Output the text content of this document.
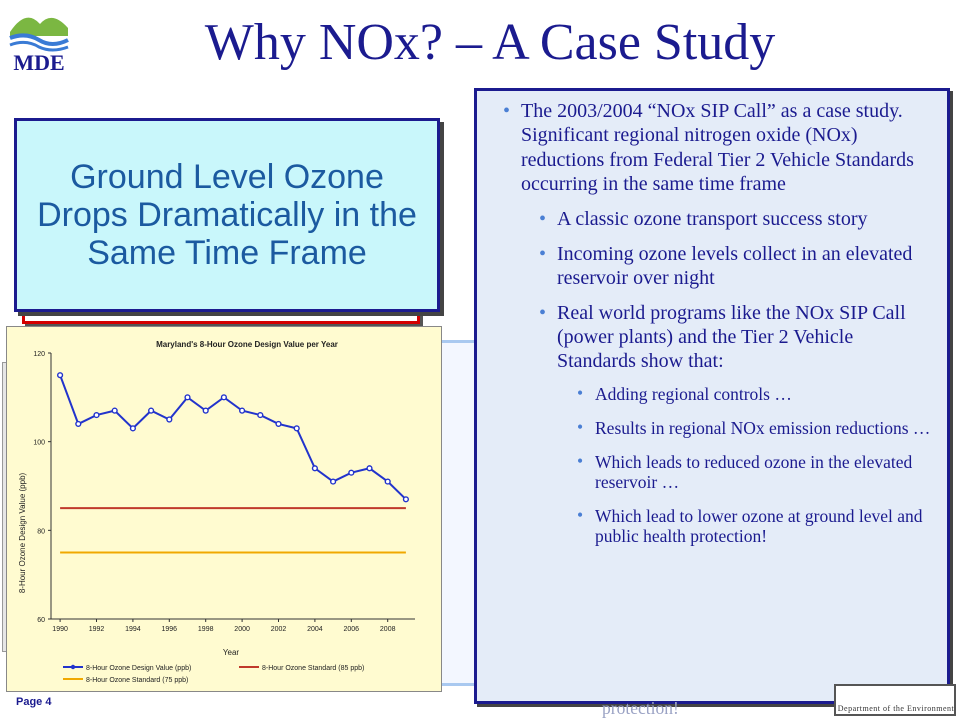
MDE	Why NOx? – A Case Study
Ground Level Ozone Drops Dramatically in the Same Time Frame
Maryland's 8-Hour Ozone Design Value per Year
8-Hour Ozone Design Value (ppb)
Year
60
80
100
120
1990	1992	1994	1996	1998	2000	2002	2004	2006	2008
8-Hour Ozone Design Value (ppb)	8-Hour Ozone Standard (85 ppb)
8-Hour Ozone Standard (75 ppb)
• The 2003/2004 “NOx SIP Call” as a case study. Significant regional nitrogen oxide (NOx) reductions from Federal Tier 2 Vehicle Standards occurring in the same time frame
• A classic ozone transport success story
• Incoming ozone levels collect in an elevated reservoir over night
• Real world programs like the NOx SIP Call (power plants) and the Tier 2 Vehicle Standards show that:
• Adding regional controls …
• Results in regional NOx emission reductions …
• Which leads to reduced ozone in the elevated reservoir …
• Which lead to lower ozone at ground level and public health protection!
protection!
Page 4
Department of the Environment
